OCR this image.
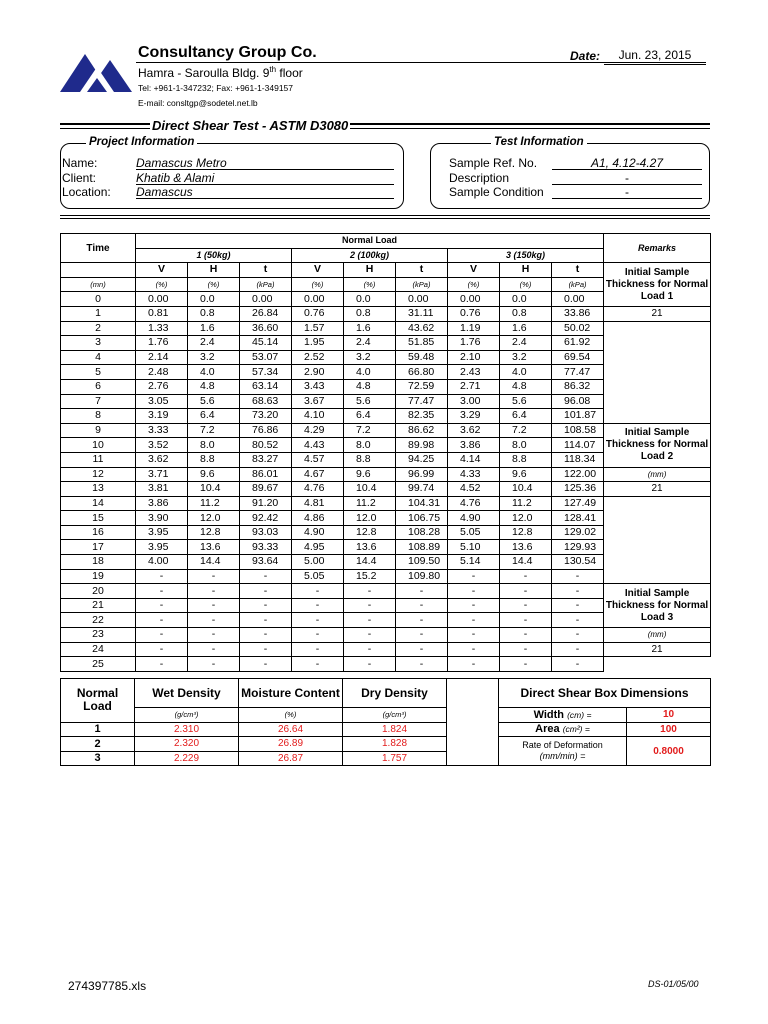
Consultancy Group Co.
Hamra - Saroulla Bldg. 9th floor
Tel: +961-1-347232; Fax: +961-1-349157
E-mail: consltgp@sodetel.net.lb
Date:	Jun. 23, 2015
Direct Shear Test - ASTM D3080
Project Information
Name:	Damascus Metro
Client:	Khatib & Alami
Location: Damascus
Test Information
Sample Ref. No.	A1, 4.12-4.27
Description	-
Sample Condition	-
Time	Normal Load									Remarks	
	1 (50kg)			2 (100kg)			3 (150kg)				
	V	H	t	V	H	t	V	H	t	Initial Sample Thickness for Normal Load 1	
(mn)	(%)	(%)	(kPa)	(%)	(%)	(kPa)	(%)	(%)	(kPa)		
0	0.00	0.0	0.00	0.00	0.0	0.00	0.00	0.0	0.00	
1	0.81	0.8	26.84	0.76	0.8	31.11	0.76	0.8	33.86	21	
2	1.33	1.6	36.60	1.57	1.6	43.62	1.19	1.6	50.02		
3	1.76	2.4	45.14	1.95	2.4	51.85	1.76	2.4	61.92		
4	2.14	3.2	53.07	2.52	3.2	59.48	2.10	3.2	69.54		
5	2.48	4.0	57.34	2.90	4.0	66.80	2.43	4.0	77.47		
6	2.76	4.8	63.14	3.43	4.8	72.59	2.71	4.8	86.32		
7	3.05	5.6	68.63	3.67	5.6	77.47	3.00	5.6	96.08		
8	3.19	6.4	73.20	4.10	6.4	82.35	3.29	6.4	101.87		
9	3.33	7.2	76.86	4.29	7.2	86.62	3.62	7.2	108.58	Initial Sample Thickness for Normal Load 2	
10	3.52	8.0	80.52	4.43	8.0	89.98	3.86	8.0	114.07		
11	3.62	8.8	83.27	4.57	8.8	94.25	4.14	8.8	118.34		
12	3.71	9.6	86.01	4.67	9.6	96.99	4.33	9.6	122.00	(mm)	
13	3.81	10.4	89.67	4.76	10.4	99.74	4.52	10.4	125.36	21	
14	3.86	11.2	91.20	4.81	11.2	104.31	4.76	11.2	127.49		
15	3.90	12.0	92.42	4.86	12.0	106.75	4.90	12.0	128.41		
16	3.95	12.8	93.03	4.90	12.8	108.28	5.05	12.8	129.02		
17	3.95	13.6	93.33	4.95	13.6	108.89	5.10	13.6	129.93		
18	4.00	14.4	93.64	5.00	14.4	109.50	5.14	14.4	130.54		
19	-	-	-	5.05	15.2	109.80	-	-	-		
20	-	-	-	-	-	-	-	-	-	Initial Sample Thickness for Normal Load 3	
21	-	-	-	-	-	-	-	-	-		
22	-	-	-	-	-	-	-	-	-		
23	-	-	-	-	-	-	-	-	-	(mm)	
24	-	-	-	-	-	-	-	-	-	21	
25	-	-	-	-	-	-	-	-	-		
Normal Load	Wet Density	Moisture Content	Dry Density
	(g/cm³)	(%)	(g/cm³)
1	2.310	26.64	1.824
2	2.320	26.89	1.828
3	2.229	26.87	1.757
Direct Shear Box Dimensions	
Width (cm) =	10
Area (cm²) =	100
Rate of Deformation
(mm/min) =	0.8000
274397785.xls	DS-01/05/00
